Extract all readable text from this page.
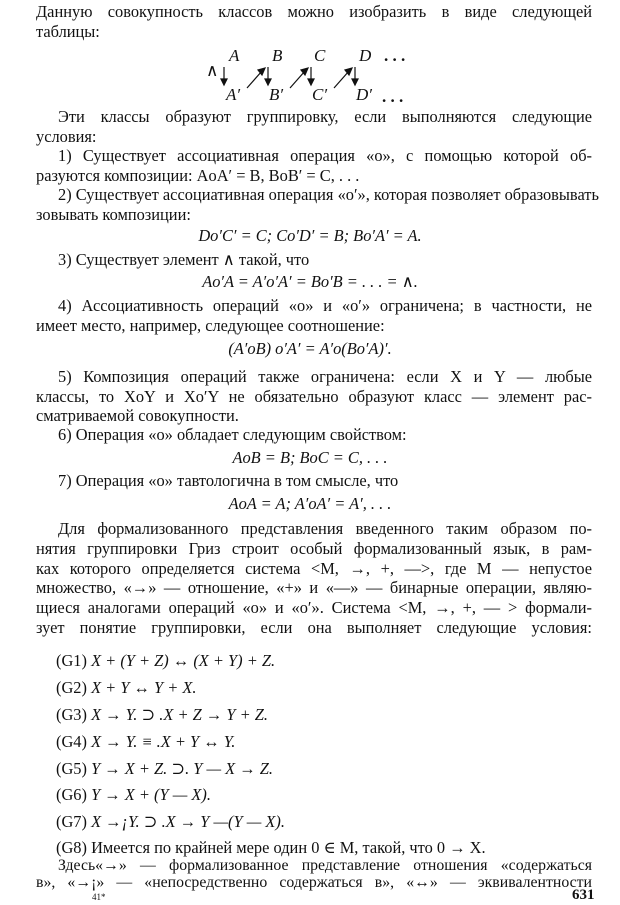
Данную совокупность классов можно изобразить в виде следующей
таблицы:
A B C D . . .
∧
A′ B′ C′ D′ . . .
Эти классы образуют группировку, если выполняются следующие
условия:
1) Существует ассоциативная операция «о», с помощью которой об-
разуются композиции: AoA′ = B, BoB′ = C, . . .
2) Существует ассоциативная операция «о′», которая позволяет образовывать
зовывать композиции:
Do′C′ = C; Co′D′ = B; Bo′A′ = A.
3) Существует элемент ∧ такой, что
Ao′A = A′o′A′ = Bo′B = . . . = ∧.
4) Ассоциативность операций «о» и «о′» ограничена; в частности, не
имеет место, например, следующее соотношение:
(A′oB) o′A′ = A′o(Bo′A)′.
5) Композиция операций также ограничена: если X и Y — любые
классы, то XoY и Xo′Y не обязательно образуют класс — элемент рас-
сматриваемой совокупности.
6) Операция «о» обладает следующим свойством:
AoB = B; BoC = C, . . .
7) Операция «о» тавтологична в том смысле, что
AoA = A; A′oA′ = A′, . . .
Для формализованного представления введенного таким образом по-
нятия группировки Гриз строит особый формализованный язык, в рам-
ках которого определяется система <M, →, +, —>, где M — непустое
множество, «→» — отношение, «+» и «—» — бинарные операции, являю-
щиеся аналогами операций «о» и «о′». Система <M, →, +, — > формали-
зует понятие группировки, если она выполняет следующие условия:
(G1) X + (Y + Z) ↔ (X + Y) + Z.
(G2) X + Y ↔ Y + X.
(G3) X → Y. ⊃ .X + Z → Y + Z.
(G4) X → Y. ≡ .X + Y ↔ Y.
(G5) Y → X + Z. ⊃. Y — X → Z.
(G6) Y → X + (Y — X).
(G7) X →¡Y. ⊃ .X → Y —(Y — X).
(G8) Имеется по крайней мере один 0 ∈ M, такой, что 0 → X.
Здесь«→» — формализованное представление отношения «содержаться
в», «→¡» — «непосредственно содержаться в», «↔» — эквивалентности
41*	631
